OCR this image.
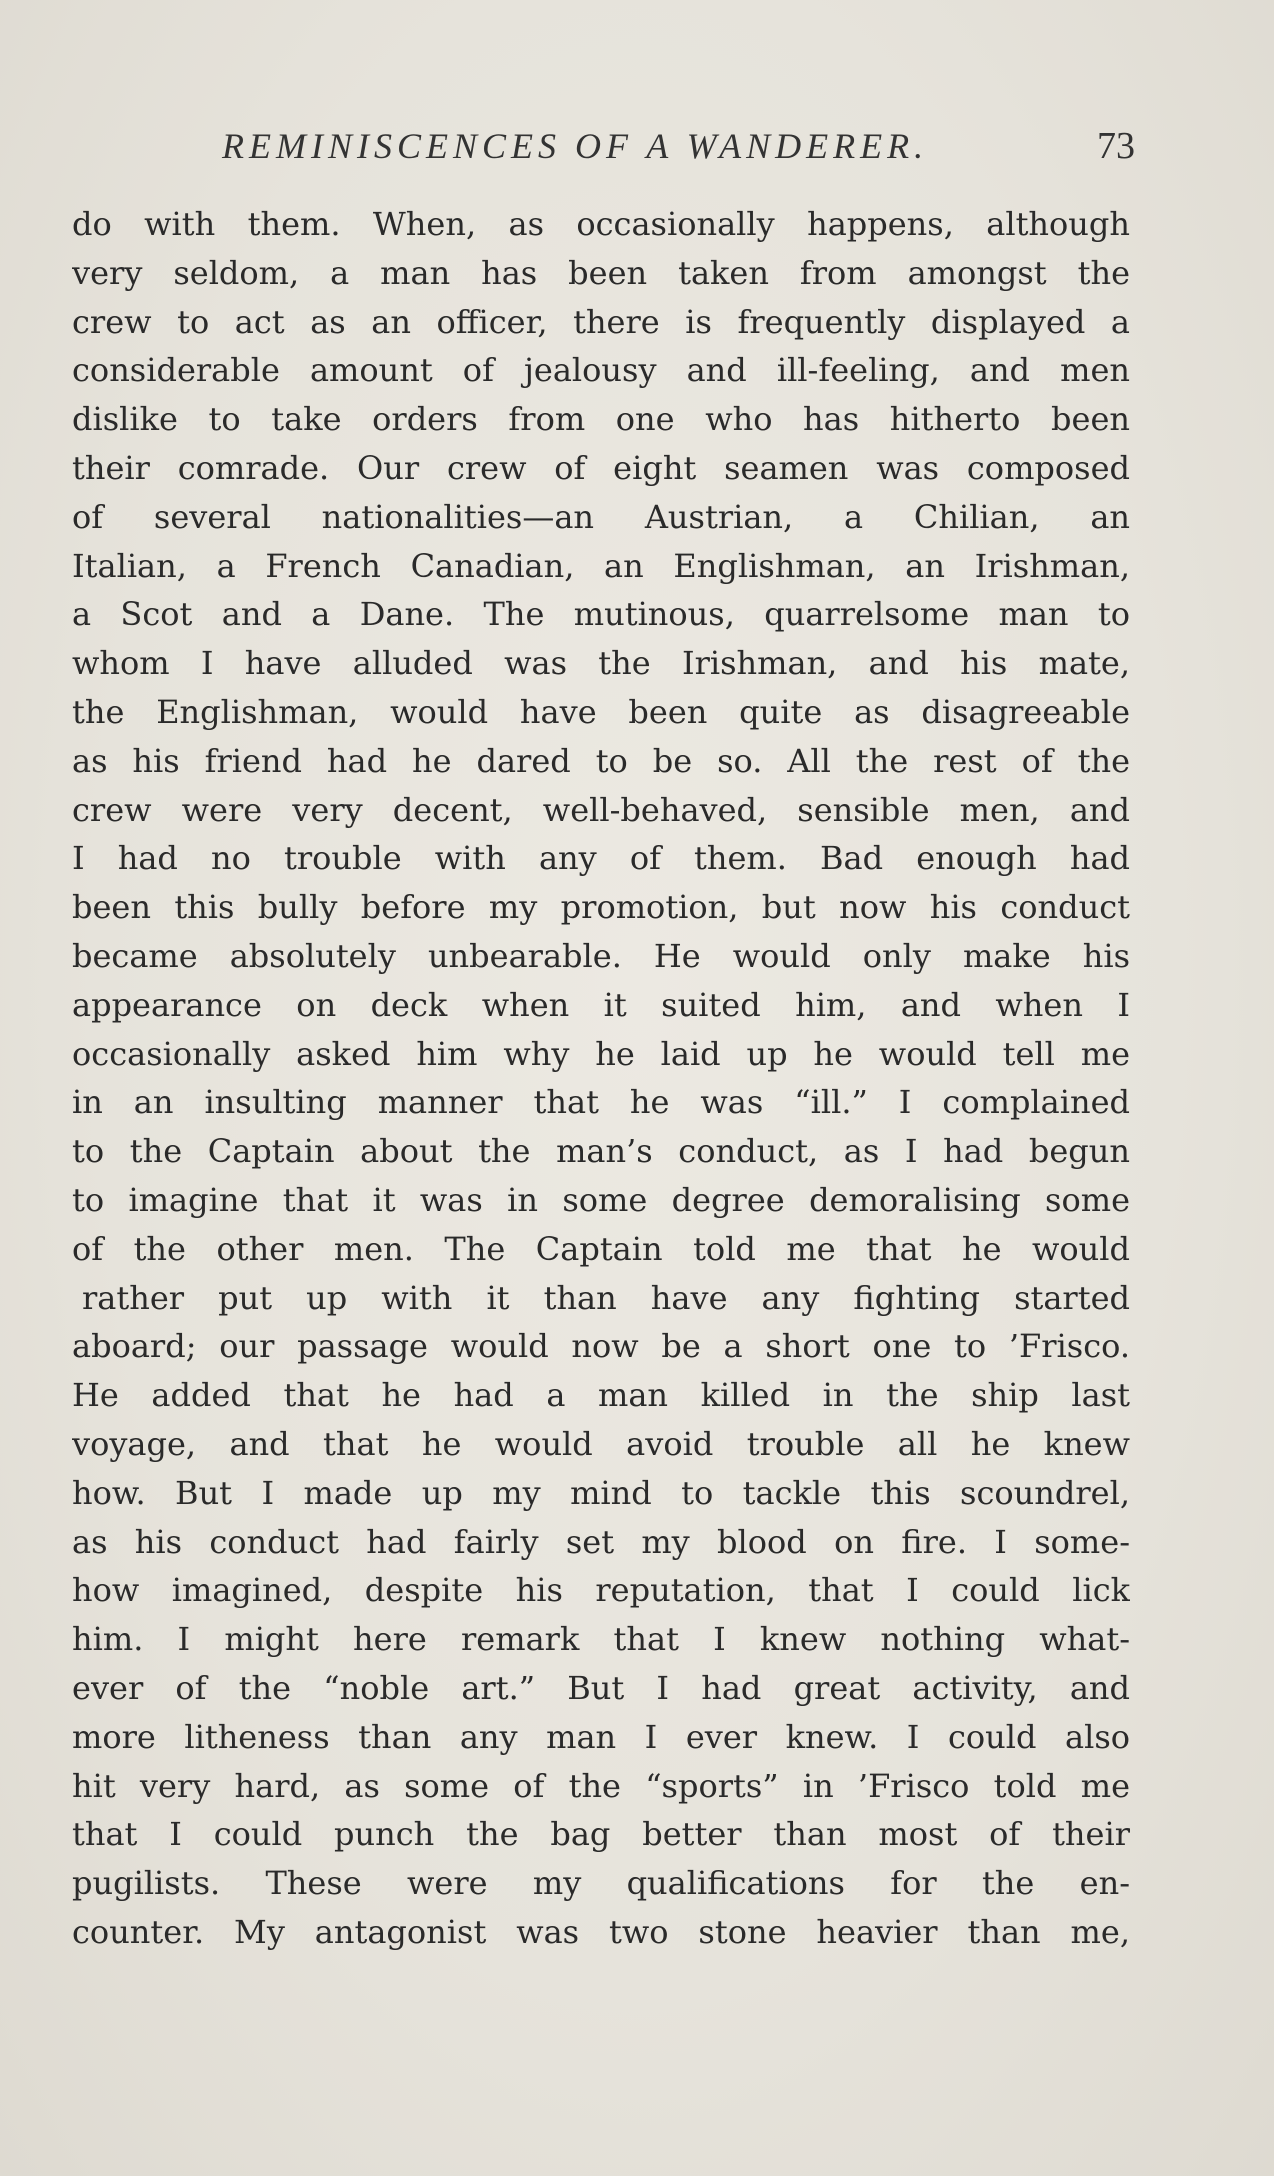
REMINISCENCES OF A WANDERER.	73
do with them. When, as occasionally happens, although
very seldom, a man has been taken from amongst the
crew to act as an officer, there is frequently displayed a
considerable amount of jealousy and ill-feeling, and men
dislike to take orders from one who has hitherto been
their comrade. Our crew of eight seamen was composed
of several nationalities—an Austrian, a Chilian, an
Italian, a French Canadian, an Englishman, an Irishman,
a Scot and a Dane. The mutinous, quarrelsome man to
whom I have alluded was the Irishman, and his mate,
the Englishman, would have been quite as disagreeable
as his friend had he dared to be so. All the rest of the
crew were very decent, well-behaved, sensible men, and
I had no trouble with any of them. Bad enough had
been this bully before my promotion, but now his conduct
became absolutely unbearable. He would only make his
appearance on deck when it suited him, and when I
occasionally asked him why he laid up he would tell me
in an insulting manner that he was “ill.” I complained
to the Captain about the man’s conduct, as I had begun
to imagine that it was in some degree demoralising some
of the other men. The Captain told me that he would
rather put up with it than have any fighting started
aboard; our passage would now be a short one to ’Frisco.
He added that he had a man killed in the ship last
voyage, and that he would avoid trouble all he knew
how. But I made up my mind to tackle this scoundrel,
as his conduct had fairly set my blood on fire. I some-
how imagined, despite his reputation, that I could lick
him. I might here remark that I knew nothing what-
ever of the “noble art.” But I had great activity, and
more litheness than any man I ever knew. I could also
hit very hard, as some of the “sports” in ’Frisco told me
that I could punch the bag better than most of their
pugilists. These were my qualifications for the en-
counter. My antagonist was two stone heavier than me,
